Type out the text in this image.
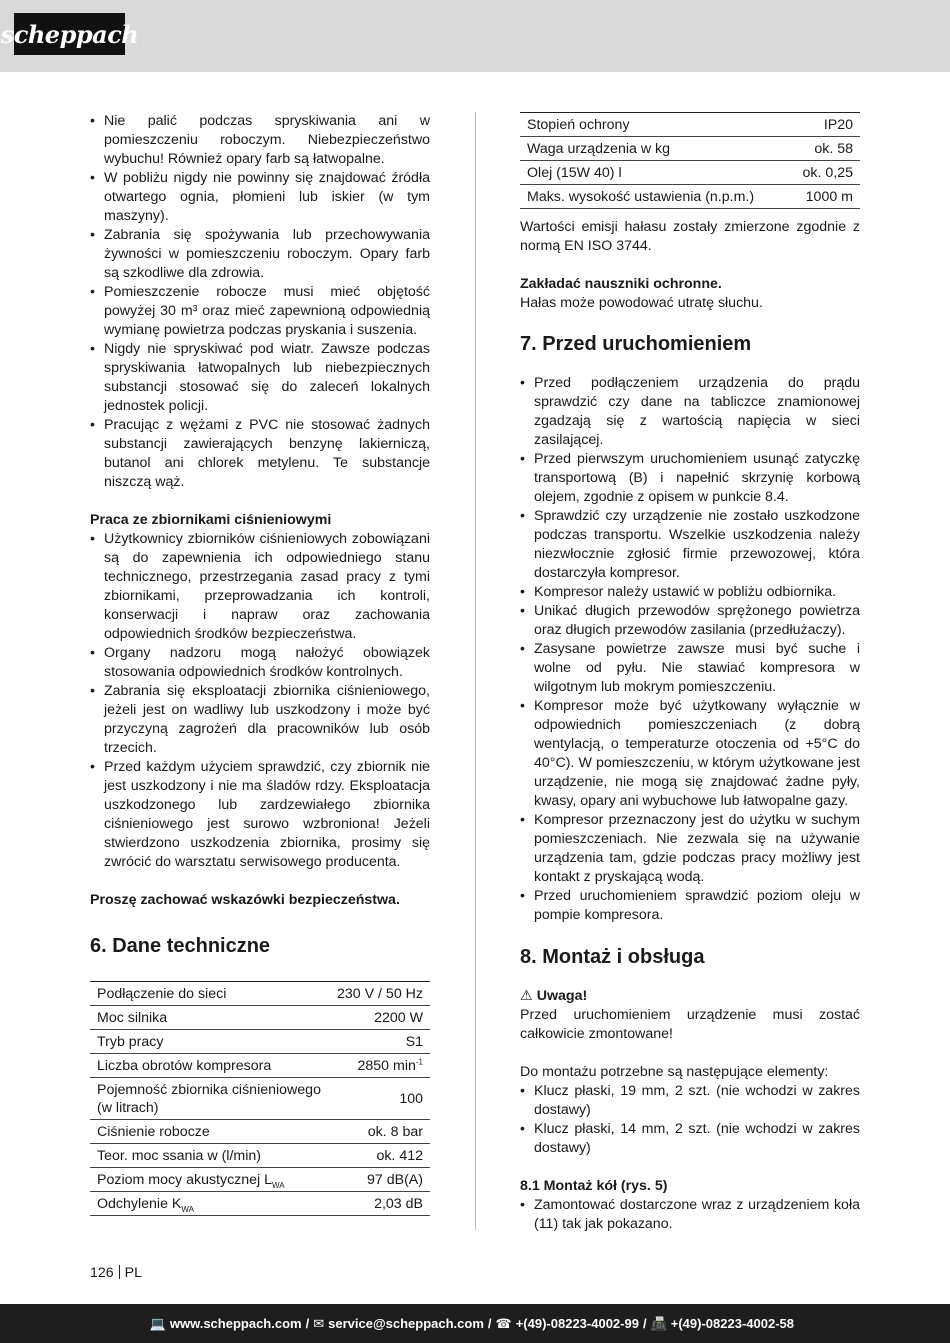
scheppach
• Nie palić podczas spryskiwania ani w pomieszczeniu roboczym. Niebezpieczeństwo wybuchu! Również opary farb są łatwopalne.
• W pobliżu nigdy nie powinny się znajdować źródła otwartego ognia, płomieni lub iskier (w tym maszyny).
• Zabrania się spożywania lub przechowywania żywności w pomieszczeniu roboczym. Opary farb są szkodliwe dla zdrowia.
• Pomieszczenie robocze musi mieć objętość powyżej 30 m³ oraz mieć zapewnioną odpowiednią wymianę powietrza podczas pryskania i suszenia.
• Nigdy nie spryskiwać pod wiatr. Zawsze podczas spryskiwania łatwopalnych lub niebezpiecznych substancji stosować się do zaleceń lokalnych jednostek policji.
• Pracując z wężami z PVC nie stosować żadnych substancji zawierających benzynę lakierniczą, butanol ani chlorek metylenu. Te substancje niszczą wąż.

Praca ze zbiornikami ciśnieniowymi

• Użytkownicy zbiorników ciśnieniowych zobowiązani są do zapewnienia ich odpowiedniego stanu technicznego, przestrzegania zasad pracy z tymi zbiornikami, przeprowadzania ich kontroli, konserwacji i napraw oraz zachowania odpowiednich środków bezpieczeństwa.
• Organy nadzoru mogą nałożyć obowiązek stosowania odpowiednich środków kontrolnych.
• Zabrania się eksploatacji zbiornika ciśnieniowego, jeżeli jest on wadliwy lub uszkodzony i może być przyczyną zagrożeń dla pracowników lub osób trzecich.
• Przed każdym użyciem sprawdzić, czy zbiornik nie jest uszkodzony i nie ma śladów rdzy. Eksploatacja uszkodzonego lub zardzewiałego zbiornika ciśnieniowego jest surowo wzbroniona! Jeżeli stwierdzono uszkodzenia zbiornika, prosimy się zwrócić do warsztatu serwisowego producenta.

Proszę zachować wskazówki bezpieczeństwa.

6. Dane techniczne
Podłączenie do sieci	230 V / 50 Hz
Moc silnika	2200 W
Tryb pracy	S1
Liczba obrotów kompresora	2850 $\min^{-1}$
Pojemność zbiornika ciśnieniowego (w litrach)	100
Ciśnienie robocze	ok. 8 bar
Teor. moc ssania w (l/min)	ok. 412
Poziom mocy akustycznej $L_{WA}$	97 dB(A)
Odchylenie $K_{WA}$	2,03 dB
Stopień ochrony	IP20
Waga urządzenia w kg	ok. 58
Olej (15W 40) l	ok. 0,25
Maks. wysokość ustawienia (n.p.m.)	1000 m

Wartości emisji hałasu zostały zmierzone zgodnie z normą EN ISO 3744.

Zakładać nauszniki ochronne.

Hałas może powodować utratę słuchu.

7. Przed uruchomieniem
• Przed podłączeniem urządzenia do prądu sprawdzić czy dane na tabliczce znamionowej zgadzają się z wartością napięcia w sieci zasilającej.
• Przed pierwszym uruchomieniem usunąć zatyczkę transportową (B) i napełnić skrzynię korbową olejem, zgodnie z opisem w punkcie 8.4.
• Sprawdzić czy urządzenie nie zostało uszkodzone podczas transportu. Wszelkie uszkodzenia należy niezwłocznie zgłosić firmie przewozowej, która dostarczyła kompresor.
• Kompresor należy ustawić w pobliżu odbiornika.
• Unikać długich przewodów sprężonego powietrza oraz długich przewodów zasilania (przedłużaczy).
• Zasysane powietrze zawsze musi być suche i wolne od pyłu. Nie stawiać kompresora w wilgotnym lub mokrym pomieszczeniu.
• Kompresor może być użytkowany wyłącznie w odpowiednich pomieszczeniach (z dobrą wentylacją, o temperaturze otoczenia od +5°C do 40°C). W pomieszczeniu, w którym użytkowane jest urządzenie, nie mogą się znajdować żadne pyły, kwasy, opary ani wybuchowe lub łatwopalne gazy.
• Kompresor przeznaczony jest do użytku w suchym pomieszczeniach. Nie zezwala się na używanie urządzenia tam, gdzie podczas pracy możliwy jest kontakt z pryskającą wodą.
• Przed uruchomieniem sprawdzić poziom oleju w pompie kompresora.
8. Montaż i obsługa

⚠ Uwaga!

Przed uruchomieniem urządzenie musi zostać całkowicie zmontowane!

Do montażu potrzebne są następujące elementy:

• Klucz płaski, 19 mm, 2 szt. (nie wchodzi w zakres dostawy)
• Klucz płaski, 14 mm, 2 szt. (nie wchodzi w zakres dostawy)

8.1 Montaż kół (rys. 5)

• Zamontować dostarczone wraz z urządzeniem koła (11) tak jak pokazano.
126 PL
💻 www.scheppach.com / ✉ service@scheppach.com / ☎ +(49)-08223-4002-99 / 📠 +(49)-08223-4002-58
